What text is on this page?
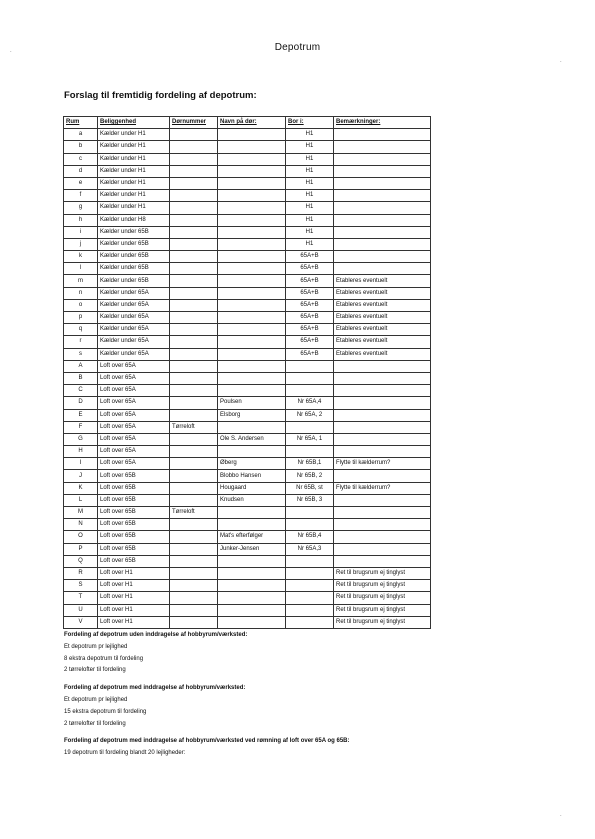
Depotrum
Forslag til fremtidig fordeling af depotrum:
Rum	Beliggenhed	Dørnummer	Navn på dør:	Bor i:	Bemærkninger:
a	Kælder under H1			H1	
b	Kælder under H1			H1	
c	Kælder under H1			H1	
d	Kælder under H1			H1	
e	Kælder under H1			H1	
f	Kælder under H1			H1	
g	Kælder under H1			H1	
h	Kælder under H8			H1	
i	Kælder under 65B			H1	
j	Kælder under 65B			H1	
k	Kælder under 65B			65A+B	
l	Kælder under 65B			65A+B	
m	Kælder under 65B			65A+B	Etableres eventuelt
n	Kælder under 65A			65A+B	Etableres eventuelt
o	Kælder under 65A			65A+B	Etableres eventuelt
p	Kælder under 65A			65A+B	Etableres eventuelt
q	Kælder under 65A			65A+B	Etableres eventuelt
r	Kælder under 65A			65A+B	Etableres eventuelt
s	Kælder under 65A			65A+B	Etableres eventuelt
A	Loft over 65A				
B	Loft over 65A				
C	Loft over 65A				
D	Loft over 65A		Poulsen	Nr 65A,4	
E	Loft over 65A		Elsborg	Nr 65A, 2	
F	Loft over 65A	Tørreloft			
G	Loft over 65A		Ole S. Andersen	Nr 65A, 1	
H	Loft over 65A				
I	Loft over 65A		Øberg	Nr 65B,1	Flytte til kælderrum?
J	Loft over 65B		Blobbo Hansen	Nr 65B, 2	
K	Loft over 65B		Hougaard	Nr 65B, st	Flytte til kælderrum?
L	Loft over 65B		Knudsen	Nr 65B, 3	
M	Loft over 65B	Tørreloft			
N	Loft over 65B				
O	Loft over 65B		Mat's efterfølger	Nr 65B,4	
P	Loft over 65B		Junker-Jensen	Nr 65A,3	
Q	Loft over 65B				
R	Loft over H1				Ret til brugsrum ej tinglyst
S	Loft over H1				Ret til brugsrum ej tinglyst
T	Loft over H1				Ret til brugsrum ej tinglyst
U	Loft over H1				Ret til brugsrum ej tinglyst
V	Loft over H1				Ret til brugsrum ej tinglyst
Fordeling af depotrum uden inddragelse af hobbyrum/værksted:
Et depotrum pr lejlighed
8 ekstra depotrum til fordeling
2 tørrelofter til fordeling
Fordeling af depotrum med inddragelse af hobbyrum/værksted:
Et depotrum pr lejlighed
15 ekstra depotrum til fordeling
2 tørrelofter til fordeling
Fordeling af depotrum med inddragelse af hobbyrum/værksted ved rømning af loft over 65A og 65B:
19 depotrum til fordeling blandt 20 lejligheder:
.
.
.
